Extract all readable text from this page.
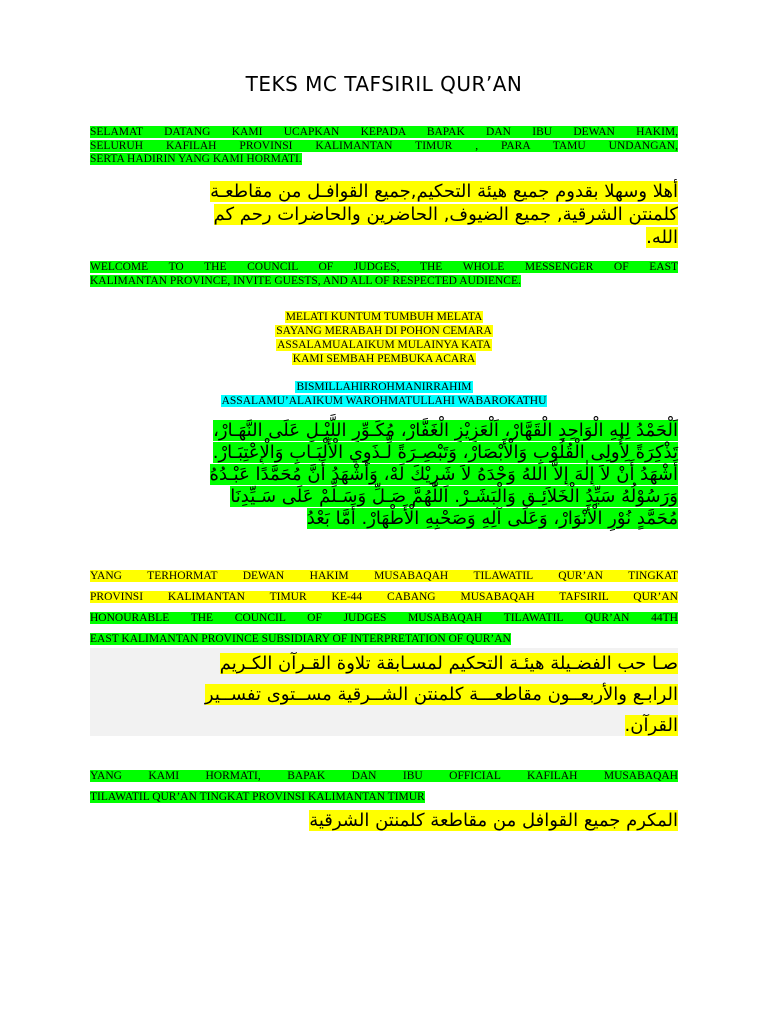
TEKS MC TAFSIRIL QUR’AN
SELAMAT DATANG KAMI UCAPKAN KEPADA BAPAK DAN IBU DEWAN HAKIM,
SELURUH KAFILAH PROVINSI KALIMANTAN TIMUR , PARA TAMU UNDANGAN,
SERTA HADIRIN YANG KAMI HORMATI.
أهلا وسهلا بقدوم جميع هيئة التحكيم,جميع القوافـل من مقاطعـة
كلمنتن الشرقية, جميع الضيوف, الحاضرين والحاضرات رحم كم
الله.
WELCOME TO THE COUNCIL OF JUDGES, THE WHOLE MESSENGER OF EAST
KALIMANTAN PROVINCE, INVITE GUESTS, AND ALL OF RESPECTED AUDIENCE.
MELATI KUNTUM TUMBUH MELATA
SAYANG MERABAH DI POHON CEMARA
ASSALAMUALAIKUM MULAINYA KATA
KAMI SEMBAH PEMBUKA ACARA
BISMILLAHIRROHMANIRRAHIM
ASSALAMU’ALAIKUM WAROHMATULLAHI WABAROKATHU
اَلْحَمْدُ لِلهِ الْوَاحِدِ الْقَهَّارْ، اَلْعَزِيْزِ الْغَفَّارْ، مُكَـوِّرِ اللَّيْـلِ عَلَى النَّهَـارْ،
تَذْكِرَةً لِأُولِى الْقُلُوْبِ وَالْأَبْصَارْ، وَتَبْصِـرَةً لِّـذَوِي الْأَلْبَـابِ وَالْإِعْتِبَـارْ.
أَشْهَدُ أَنْ لاَ إِلٰهَ إِلاَّ اللهُ وَحْدَهُ لاَ شَرِيْكَ لَهْ، وَأَشْهَدُ أَنَّ مُحَمَّدًا عَبْـدُهُ
وَرَسُوْلُهُ سَيِّدُ الْخَلاَئِـقِ وَالْبَشَـرْ. اَللّٰهُمَّ صَـلِّ وَسَـلِّمْ عَلَى سَـيِّدِنَا
مُحَمَّدٍ نُوْرِ الْأَنْوَارْ، وَعَلَى آلِهِ وَصَحْبِهِ الْأَطْهَارْ. أَمَّا بَعْدُ
YANG TERHORMAT DEWAN HAKIM MUSABAQAH TILAWATIL QUR’AN TINGKAT
PROVINSI KALIMANTAN TIMUR KE-44 CABANG MUSABAQAH TAFSIRIL QUR’AN
HONOURABLE THE COUNCIL OF JUDGES MUSABAQAH TILAWATIL QUR’AN 44TH
EAST KALIMANTAN PROVINCE SUBSIDIARY OF INTERPRETATION OF QUR’AN
صـا حب الفضـيلة هيئـة التحكيم لمسـابقة تلاوة القـرآن الكـريم
الرابـع والأربعــون مقاطعـــة كلمنتن الشــرقية مســتوى تفســير
القرآن.
YANG KAMI HORMATI, BAPAK DAN IBU OFFICIAL KAFILAH MUSABAQAH
TILAWATIL QUR’AN TINGKAT PROVINSI KALIMANTAN TIMUR
المكرم جميع القوافل من مقاطعة كلمنتن الشرقية
